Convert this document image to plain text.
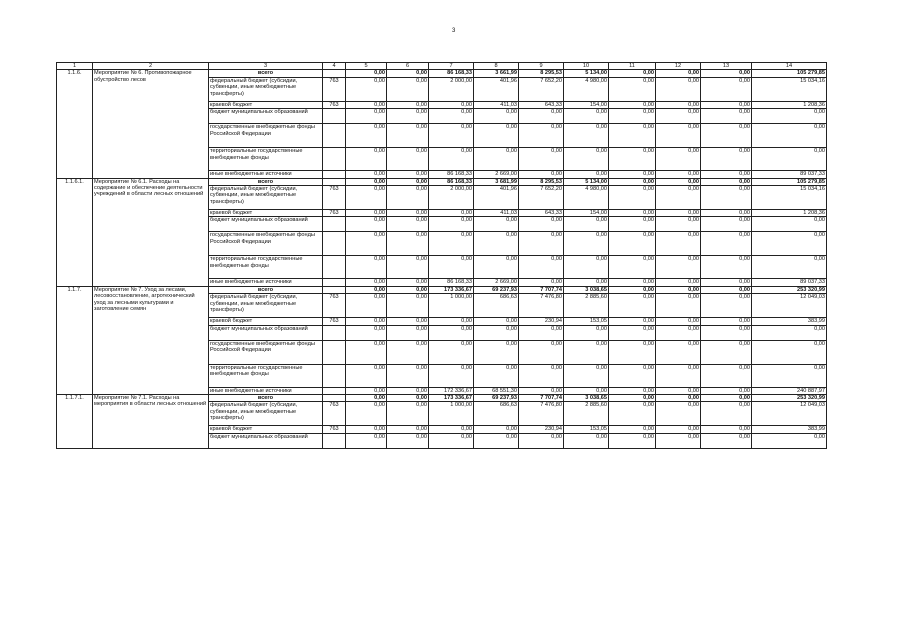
3
1	2	3	4	5	6	7	8	9	10	11	12	13	14
1.1.6.	Мероприятие № 6. Противопожарное обустройство лесов	всего		0,00	0,00	86 168,33	3 661,99	8 295,53	5 134,00	0,00	0,00	0,00	105 279,85
		федеральный бюджет (субсидии, субвенции, иные межбюджетные трансферты)	763	0,00	0,00	2 000,00	401,96	7 652,20	4 980,00	0,00	0,00	0,00	15 034,16
		краевой бюджет	763	0,00	0,00	0,00	411,03	643,33	154,00	0,00	0,00	0,00	1 208,36
		бюджет муниципальных образований		0,00	0,00	0,00	0,00	0,00	0,00	0,00	0,00	0,00	0,00
		государственные внебюджетные фонды Российской Федерации		0,00	0,00	0,00	0,00	0,00	0,00	0,00	0,00	0,00	0,00
		территориальные государственные внебюджетные фонды		0,00	0,00	0,00	0,00	0,00	0,00	0,00	0,00	0,00	0,00
		иные внебюджетные источники		0,00	0,00	86 168,33	2 669,00	0,00	0,00	0,00	0,00	0,00	89 037,33
1.1.6.1.	Мероприятие № 6.1. Расходы на содержание и обеспечение деятельности учреждений в области лесных отношений	всего		0,00	0,00	86 168,33	3 681,99	8 295,53	5 134,00	0,00	0,00	0,00	105 279,85
		федеральный бюджет (субсидии, субвенции, иные межбюджетные трансферты)	763	0,00	0,00	2 000,00	401,96	7 652,20	4 980,00	0,00	0,00	0,00	15 034,16
		краевой бюджет	763	0,00	0,00	0,00	411,03	643,33	154,00	0,00	0,00	0,00	1 208,36
		бюджет муниципальных образований		0,00	0,00	0,00	0,00	0,00	0,00	0,00	0,00	0,00	0,00
		государственные внебюджетные фонды Российской Федерации		0,00	0,00	0,00	0,00	0,00	0,00	0,00	0,00	0,00	0,00
		территориальные государственные внебюджетные фонды		0,00	0,00	0,00	0,00	0,00	0,00	0,00	0,00	0,00	0,00
		иные внебюджетные источники		0,00	0,00	86 168,33	2 669,00	0,00	0,00	0,00	0,00	0,00	89 037,33
1.1.7.	Мероприятие № 7. Уход за лесами, лесовосстановление, агротехнический уход за лесными культурами и заготовление семян	всего		0,00	0,00	173 336,67	69 237,93	7 707,74	3 038,65	0,00	0,00	0,00	253 320,99
		федеральный бюджет (субсидии, субвенции, иные межбюджетные трансферты)	763	0,00	0,00	1 000,00	686,63	7 476,80	2 885,60	0,00	0,00	0,00	12 049,03
		краевой бюджет	763	0,00	0,00	0,00	0,00	230,94	153,05	0,00	0,00	0,00	383,99
		бюджет муниципальных образований		0,00	0,00	0,00	0,00	0,00	0,00	0,00	0,00	0,00	0,00
		государственные внебюджетные фонды Российской Федерации		0,00	0,00	0,00	0,00	0,00	0,00	0,00	0,00	0,00	0,00
		территориальные государственные внебюджетные фонды		0,00	0,00	0,00	0,00	0,00	0,00	0,00	0,00	0,00	0,00
		иные внебюджетные источники		0,00	0,00	172 336,67	68 551,30	0,00	0,00	0,00	0,00	0,00	240 887,97
1.1.7.1.	Мероприятие № 7.1. Расходы на мероприятия в области лесных отношений	всего		0,00	0,00	173 336,67	69 237,93	7 707,74	3 038,65	0,00	0,00	0,00	253 320,99
		федеральный бюджет (субсидии, субвенции, иные межбюджетные трансферты)	763	0,00	0,00	1 000,00	686,63	7 476,80	2 885,60	0,00	0,00	0,00	12 049,03
		краевой бюджет	763	0,00	0,00	0,00	0,00	230,94	153,05	0,00	0,00	0,00	383,99
		бюджет муниципальных образований		0,00	0,00	0,00	0,00	0,00	0,00	0,00	0,00	0,00	0,00
